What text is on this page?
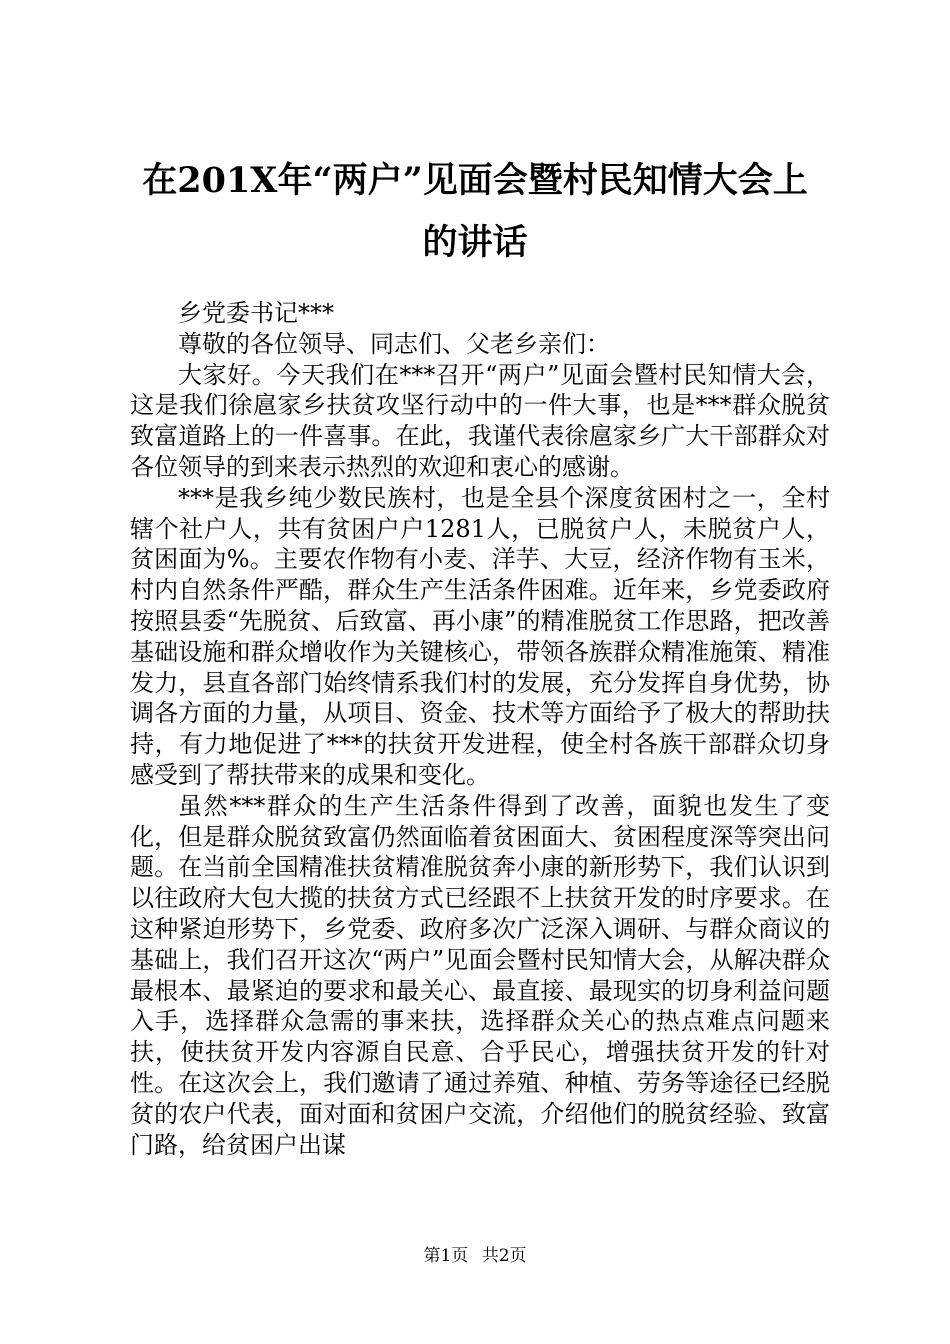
在201X年“两户”见面会暨村民知情大会上
的讲话

乡党委书记***

尊敬的各位领导、同志们、父老乡亲们：

大家好。今天我们在***召开“两户”见面会暨村民知情大会，这是我们徐扈家乡扶贫攻坚行动中的一件大事，也是***群众脱贫致富道路上的一件喜事。在此，我谨代表徐扈家乡广大干部群众对各位领导的到来表示热烈的欢迎和衷心的感谢。

***是我乡纯少数民族村，也是全县个深度贫困村之一，全村辖个社户人，共有贫困户户1281人，已脱贫户人，未脱贫户人，贫困面为%。主要农作物有小麦、洋芋、大豆，经济作物有玉米，村内自然条件严酷，群众生产生活条件困难。近年来，乡党委政府按照县委“先脱贫、后致富、再小康”的精准脱贫工作思路，把改善基础设施和群众增收作为关键核心，带领各族群众精准施策、精准发力，县直各部门始终情系我们村的发展，充分发挥自身优势，协调各方面的力量，从项目、资金、技术等方面给予了极大的帮助扶持，有力地促进了***的扶贫开发进程，使全村各族干部群众切身感受到了帮扶带来的成果和变化。

虽然***群众的生产生活条件得到了改善，面貌也发生了变化，但是群众脱贫致富仍然面临着贫困面大、贫困程度深等突出问题。在当前全国精准扶贫精准脱贫奔小康的新形势下，我们认识到以往政府大包大揽的扶贫方式已经跟不上扶贫开发的时序要求。在这种紧迫形势下，乡党委、政府多次广泛深入调研、与群众商议的基础上，我们召开这次“两户”见面会暨村民知情大会，从解决群众最根本、最紧迫的要求和最关心、最直接、最现实的切身利益问题入手，选择群众急需的事来扶，选择群众关心的热点难点问题来扶，使扶贫开发内容源自民意、合乎民心，增强扶贫开发的针对性。在这次会上，我们邀请了通过养殖、种植、劳务等途径已经脱贫的农户代表，面对面和贫困户交流，介绍他们的脱贫经验、致富门路，给贫困户出谋

第1页 共2页
